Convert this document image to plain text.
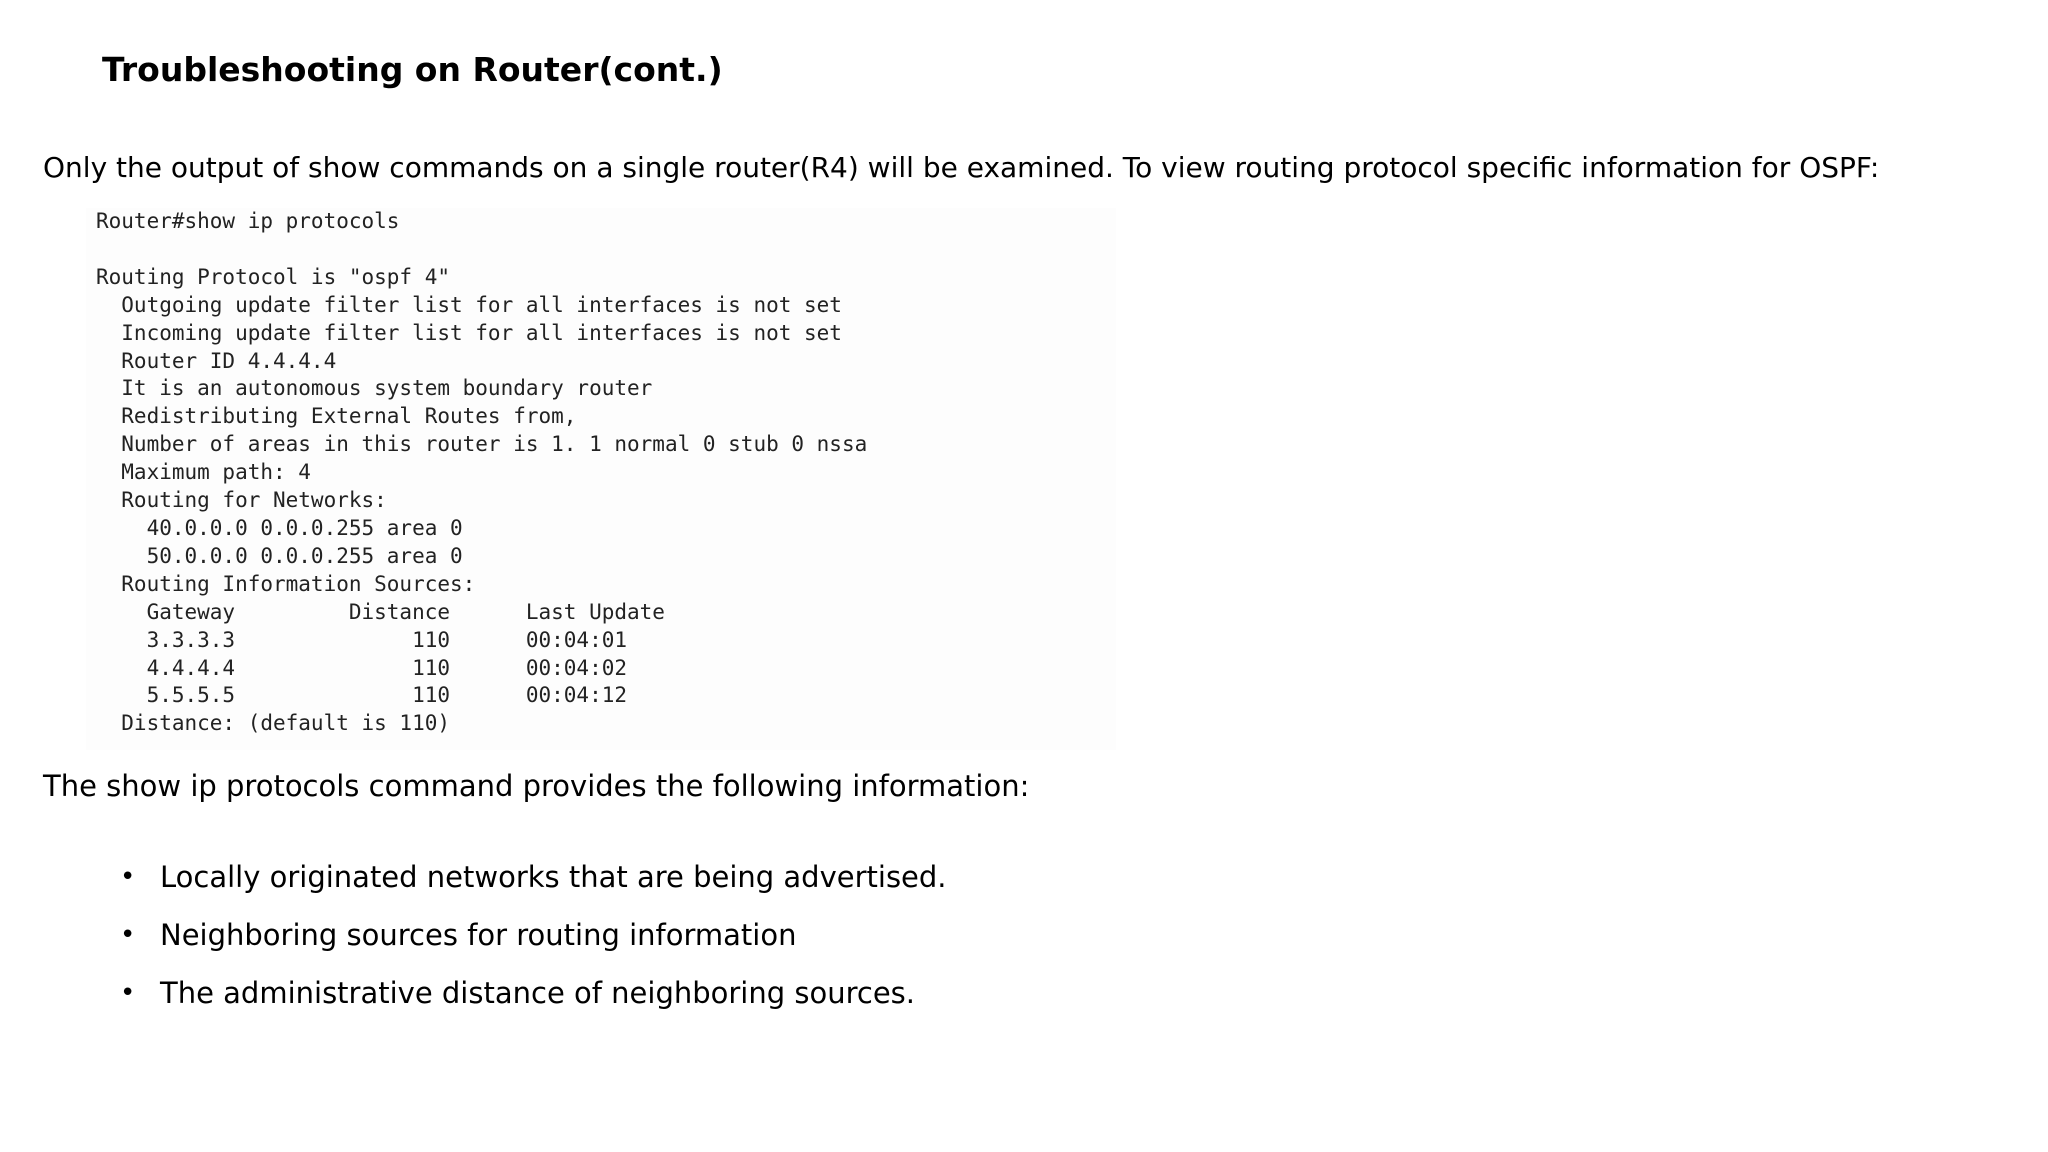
Troubleshooting on Router(cont.)

Only the output of show commands on a single router(R4) will be examined. To view routing protocol specific information for OSPF:

Router#show ip protocols

Routing Protocol is "ospf 4"
Outgoing update filter list for all interfaces is not set
Incoming update filter list for all interfaces is not set
Router ID 4.4.4.4
It is an autonomous system boundary router
Redistributing External Routes from,
Number of areas in this router is 1. 1 normal 0 stub 0 nssa
Maximum path: 4
Routing for Networks:
40.0.0.0 0.0.0.255 area 0
50.0.0.0 0.0.0.255 area 0
Routing Information Sources:
Gateway         Distance      Last Update
3.3.3.3              110      00:04:01
4.4.4.4              110      00:04:02
5.5.5.5              110      00:04:12
Distance: (default is 110)

The show ip protocols command provides the following information:

• Locally originated networks that are being advertised.
• Neighboring sources for routing information
• The administrative distance of neighboring sources.
